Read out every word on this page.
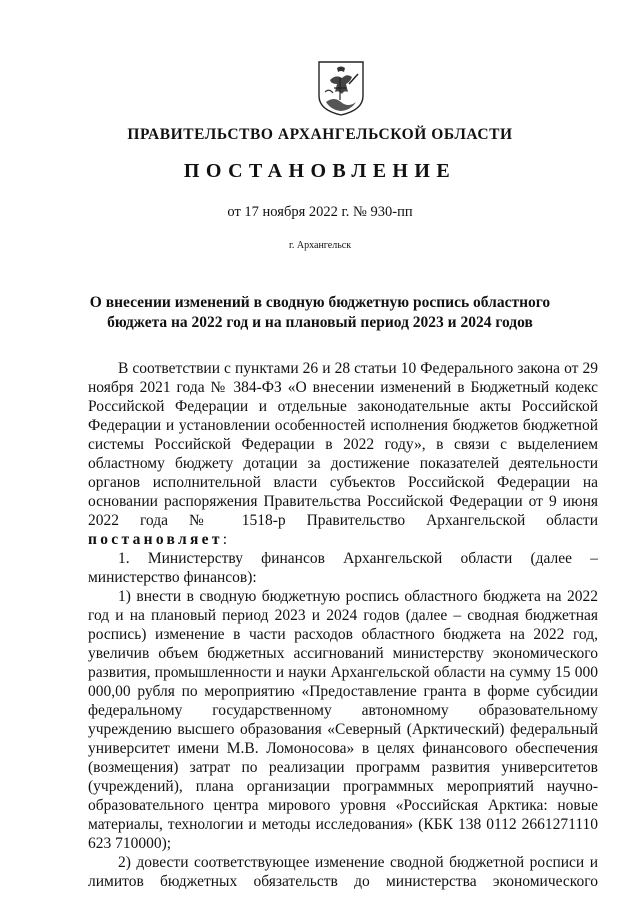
ПРАВИТЕЛЬСТВО АРХАНГЕЛЬСКОЙ ОБЛАСТИ
ПОСТАНОВЛЕНИЕ
от 17 ноября 2022 г. № 930-пп
г. Архангельск
О внесении изменений в сводную бюджетную роспись областного
бюджета на 2022 год и на плановый период 2023 и 2024 годов

В соответствии с пунктами 26 и 28 статьи 10 Федерального закона от 29 ноября 2021 года № 384-ФЗ «О внесении изменений в Бюджетный кодекс Российской Федерации и отдельные законодательные акты Российской Федерации и установлении особенностей исполнения бюджетов бюджетной системы Российской Федерации в 2022 году», в связи с выделением областному бюджету дотации за достижение показателей деятельности органов исполнительной власти субъектов Российской Федерации на основании распоряжения Правительства Российской Федерации от 9 июня 2022 года № 1518-р Правительство Архангельской области постановляет:

1. Министерству финансов Архангельской области (далее – министерство финансов):

1) внести в сводную бюджетную роспись областного бюджета на 2022 год и на плановый период 2023 и 2024 годов (далее – сводная бюджетная роспись) изменение в части расходов областного бюджета на 2022 год, увеличив объем бюджетных ассигнований министерству экономического развития, промышленности и науки Архангельской области на сумму 15 000 000,00 рубля по мероприятию «Предоставление гранта в форме субсидии федеральному государственному автономному образовательному учреждению высшего образования «Северный (Арктический) федеральный университет имени М.В. Ломоносова» в целях финансового обеспечения (возмещения) затрат по реализации программ развития университетов (учреждений), плана организации программных мероприятий научно-образовательного центра мирового уровня «Российская Арктика: новые материалы, технологии и методы исследования» (КБК 138 0112 2661271110 623 710000);

2) довести соответствующее изменение сводной бюджетной росписи и лимитов бюджетных обязательств до министерства экономического
